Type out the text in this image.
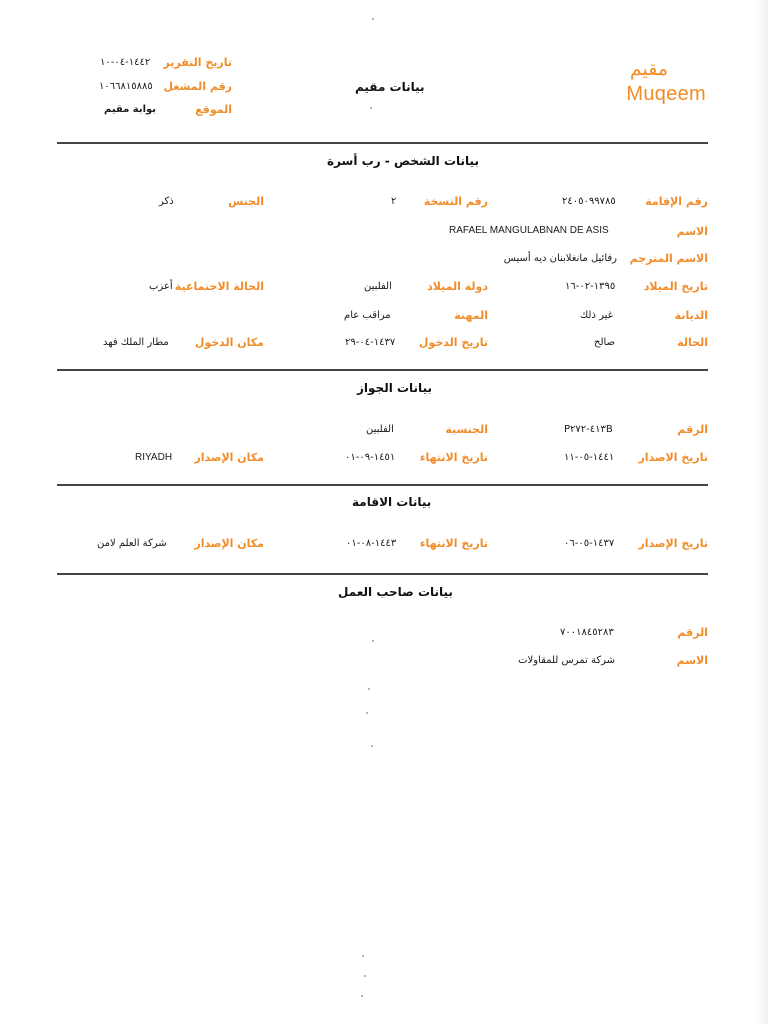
مقيم
Muqeem
بيانات مقيم
تاريخ التقرير
١٤٤٢-٠٤-١٠
رقم المشغل
١٠٦٦٨١٥٨٨٥
الموقع
بوابة مقيم
بيانات الشخص - رب أسرة
رقم الإقامة
٢٤٠٥٠٩٩٧٨٥
رقم النسخة
٢
الجنس
ذكر
الاسم
RAFAEL MANGULABNAN DE ASIS
الاسم المترجم
رفائيل مانغلابنان ديه أسيس
تاريخ الميلاد
١٣٩٥-٠٢-١٦
دولة الميلاد
الفلبين
الحالة الاجتماعية
أعزب
الديانة
غير ذلك
المهنة
مراقب عام
الحالة
صالح
تاريخ الدخول
١٤٣٧-٠٤-٢٩
مكان الدخول
مطار الملك فهد
بيانات الجواز
الرقم
P٤١٣-٢٧٢B
الجنسية
الفلبين
تاريخ الاصدار
١٤٤١-٠٥-١١
تاريخ الانتهاء
١٤٥١-٠٩-٠١
مكان الإصدار
RIYADH
بيانات الاقامة
تاريخ الإصدار
١٤٣٧-٠٥-٠٦
تاريخ الانتهاء
١٤٤٣-٠٨-٠١
مكان الإصدار
شركة العلم لامن
بيانات صاحب العمل
الرقم
٧٠٠١٨٤٥٢٨٣
الاسم
شركة تمرس للمقاولات
